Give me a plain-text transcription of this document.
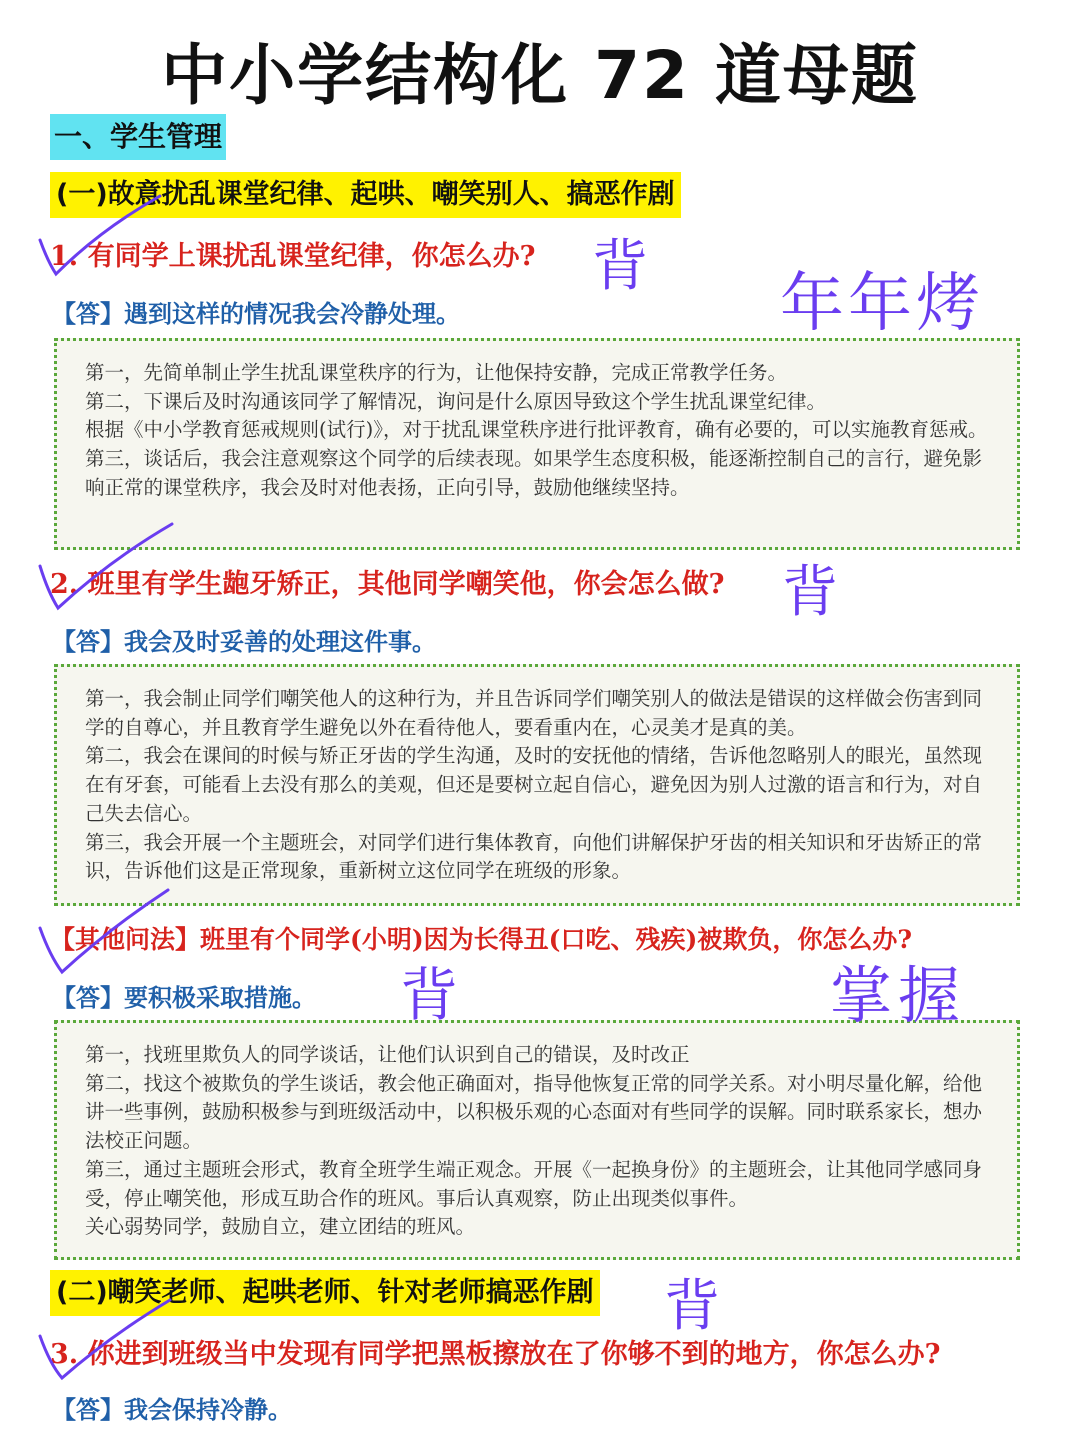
中小学结构化 72 道母题
一、学生管理
(一)故意扰乱课堂纪律、起哄、嘲笑别人、搞恶作剧
1. 有同学上课扰乱课堂纪律，你怎么办?
【答】遇到这样的情况我会冷静处理。

第一，先简单制止学生扰乱课堂秩序的行为，让他保持安静，完成正常教学任务。

第二，下课后及时沟通该同学了解情况，询问是什么原因导致这个学生扰乱课堂纪律。

根据《中小学教育惩戒规则(试行)》，对于扰乱课堂秩序进行批评教育，确有必要的，可以实施教育惩戒。

第三，谈话后，我会注意观察这个同学的后续表现。如果学生态度积极，能逐渐控制自己的言行，避免影响正常的课堂秩序，我会及时对他表扬，正向引导，鼓励他继续坚持。

2. 班里有学生龅牙矫正，其他同学嘲笑他，你会怎么做?
【答】我会及时妥善的处理这件事。

第一，我会制止同学们嘲笑他人的这种行为，并且告诉同学们嘲笑别人的做法是错误的这样做会伤害到同学的自尊心，并且教育学生避免以外在看待他人，要看重内在，心灵美才是真的美。

第二，我会在课间的时候与矫正牙齿的学生沟通，及时的安抚他的情绪，告诉他忽略别人的眼光，虽然现在有牙套，可能看上去没有那么的美观，但还是要树立起自信心，避免因为别人过激的语言和行为，对自己失去信心。

第三，我会开展一个主题班会，对同学们进行集体教育，向他们讲解保护牙齿的相关知识和牙齿矫正的常识，告诉他们这是正常现象，重新树立这位同学在班级的形象。

【其他问法】班里有个同学(小明)因为长得丑(口吃、残疾)被欺负，你怎么办?
【答】要积极采取措施。

第一，找班里欺负人的同学谈话，让他们认识到自己的错误，及时改正

第二，找这个被欺负的学生谈话，教会他正确面对，指导他恢复正常的同学关系。对小明尽量化解，给他讲一些事例，鼓励积极参与到班级活动中，以积极乐观的心态面对有些同学的误解。同时联系家长，想办法校正问题。

第三，通过主题班会形式，教育全班学生端正观念。开展《一起换身份》的主题班会，让其他同学感同身受，停止嘲笑他，形成互助合作的班风。事后认真观察，防止出现类似事件。

关心弱势同学，鼓励自立，建立团结的班风。

(二)嘲笑老师、起哄老师、针对老师搞恶作剧
3. 你进到班级当中发现有同学把黑板擦放在了你够不到的地方，你怎么办?
【答】我会保持冷静。
背
年年烤
背
背	掌握
背
